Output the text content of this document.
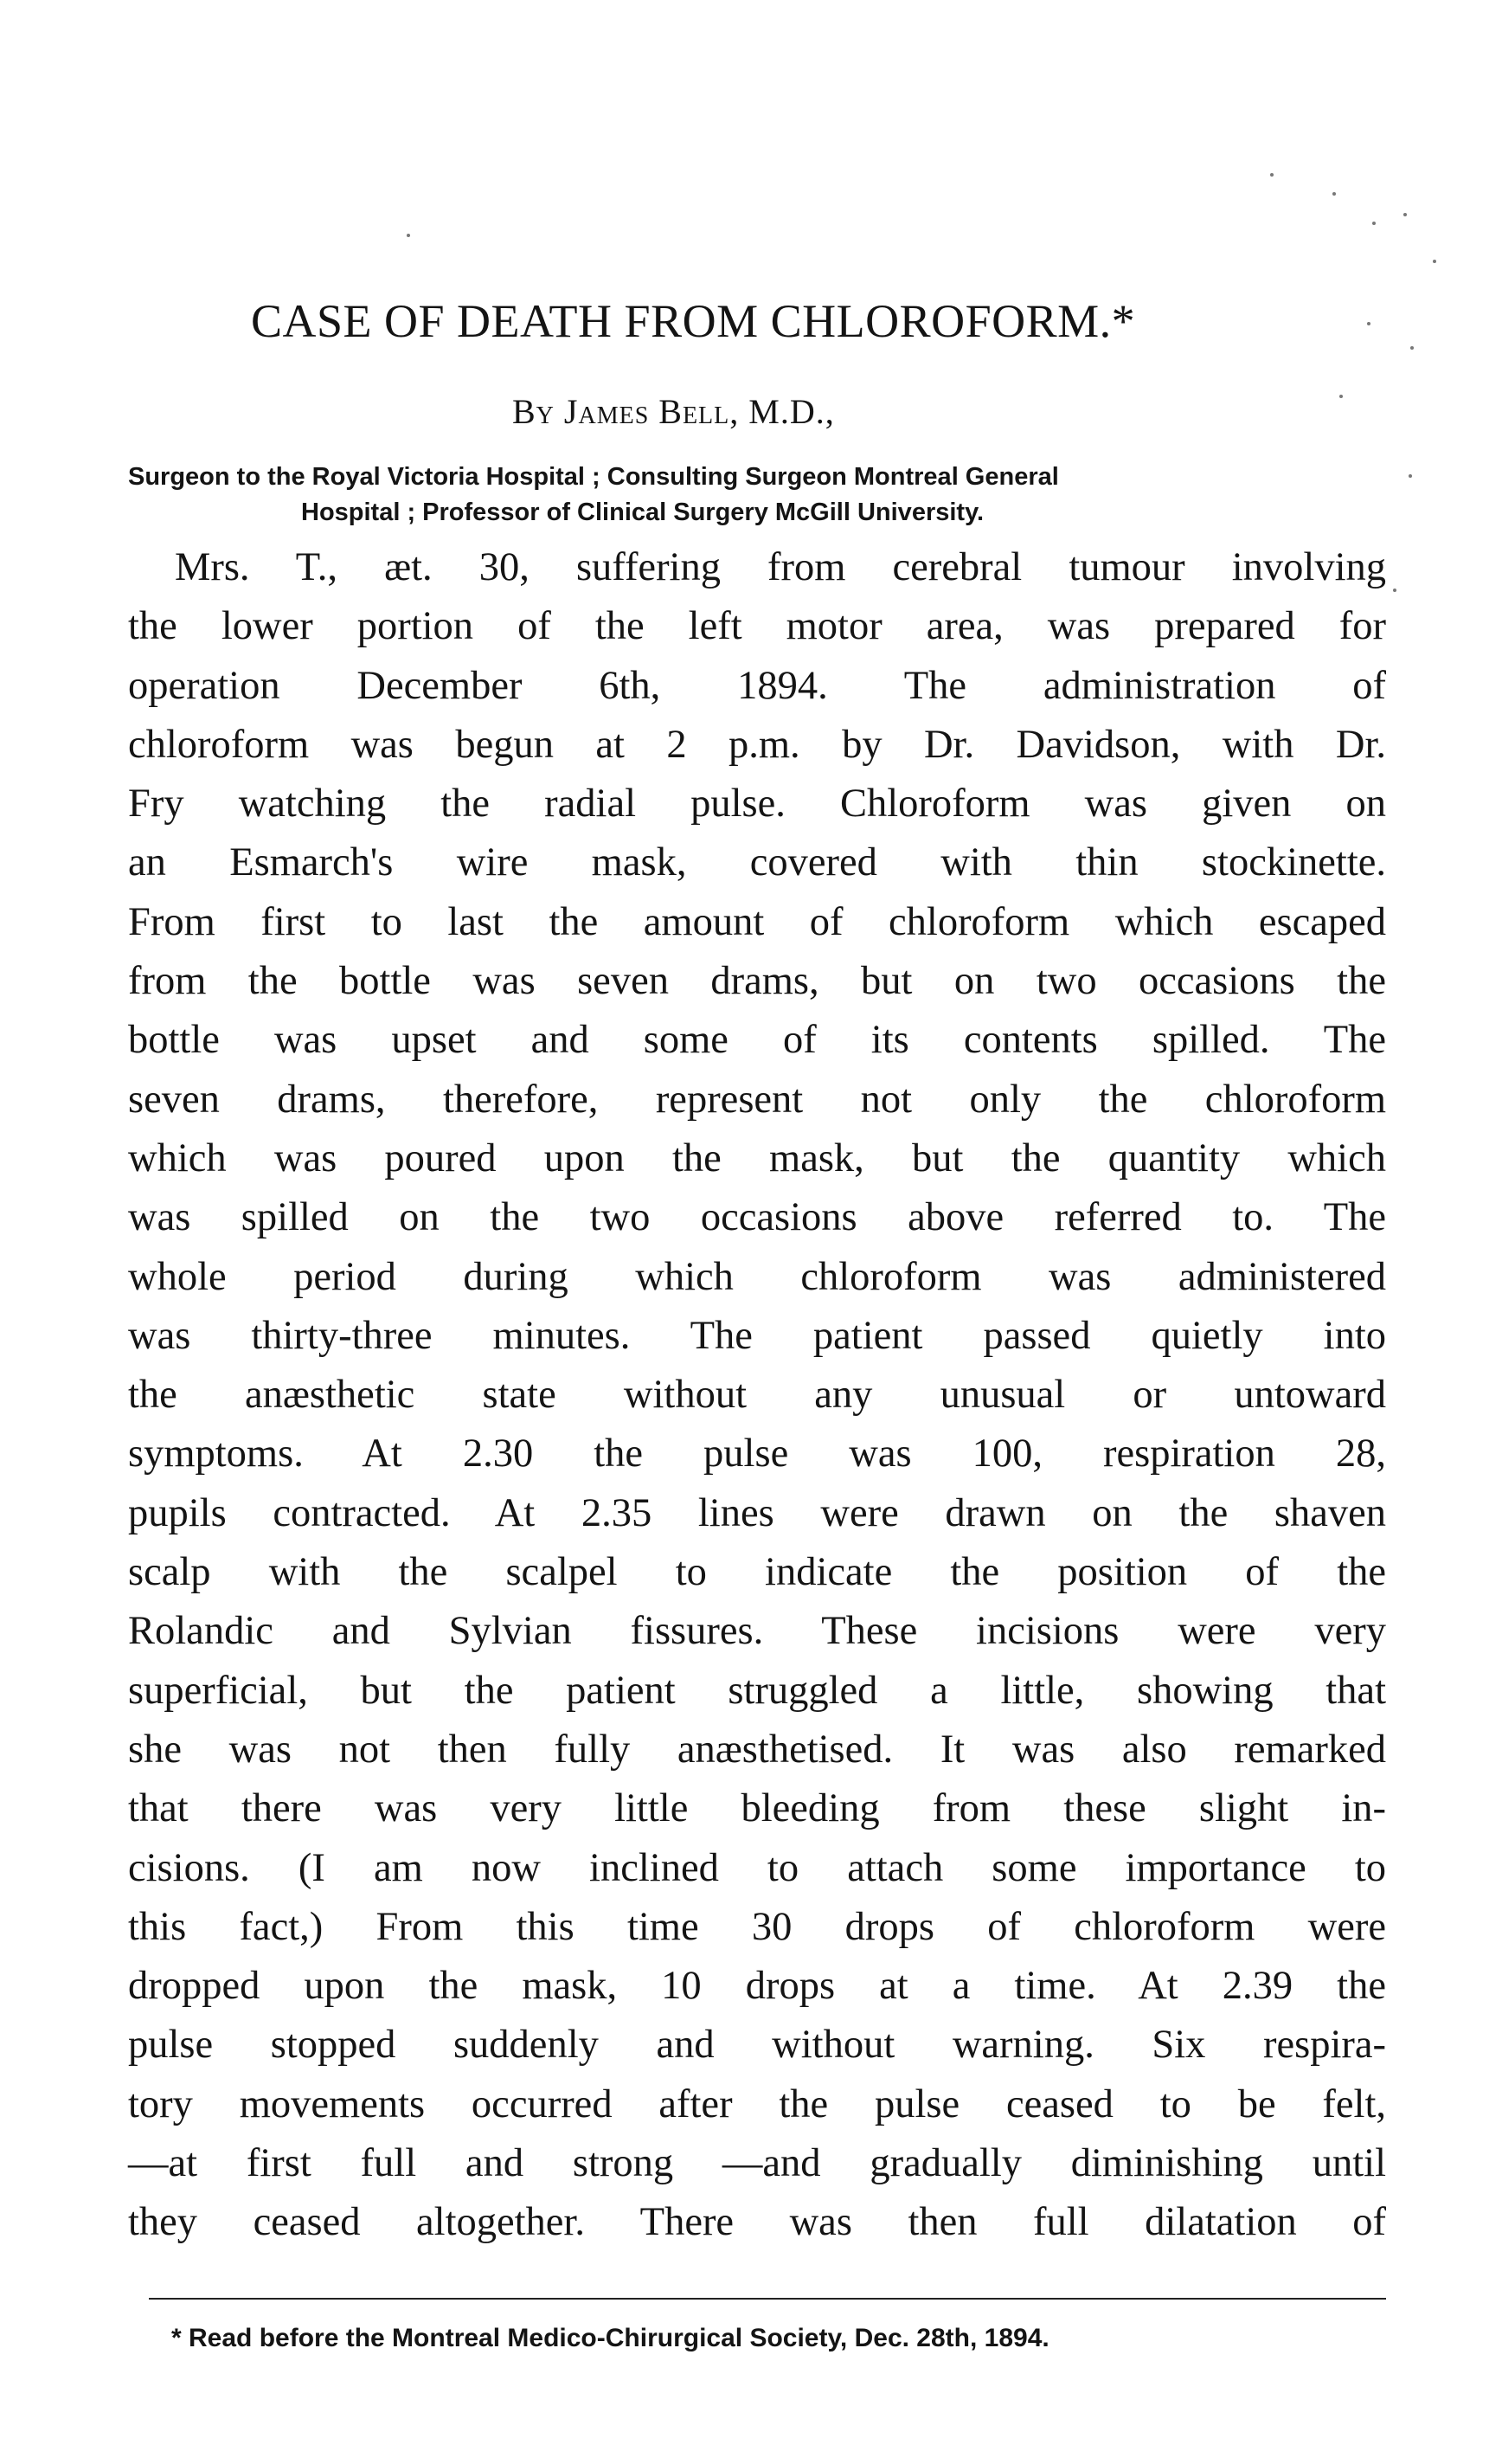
CASE OF DEATH FROM CHLOROFORM.*
By James Bell, M.D.,
Surgeon to the Royal Victoria Hospital ; Consulting Surgeon Montreal General
Hospital ; Professor of Clinical Surgery McGill University.
Mrs. T., æt. 30, suffering from cerebral tumour involving
the lower portion of the left motor area, was prepared for
operation December 6th, 1894. The administration of
chloroform was begun at 2 p.m. by Dr. Davidson, with Dr.
Fry watching the radial pulse. Chloroform was given on
an Esmarch's wire mask, covered with thin stockinette.
From first to last the amount of chloroform which escaped
from the bottle was seven drams, but on two occasions the
bottle was upset and some of its contents spilled. The
seven drams, therefore, represent not only the chloroform
which was poured upon the mask, but the quantity which
was spilled on the two occasions above referred to. The
whole period during which chloroform was administered
was thirty-three minutes. The patient passed quietly into
the anæsthetic state without any unusual or untoward
symptoms. At 2.30 the pulse was 100, respiration 28,
pupils contracted. At 2.35 lines were drawn on the shaven
scalp with the scalpel to indicate the position of the
Rolandic and Sylvian fissures. These incisions were very
superficial, but the patient struggled a little, showing that
she was not then fully anæsthetised. It was also remarked
that there was very little bleeding from these slight in-
cisions. (I am now inclined to attach some importance to
this fact,) From this time 30 drops of chloroform were
dropped upon the mask, 10 drops at a time. At 2.39 the
pulse stopped suddenly and without warning. Six respira-
tory movements occurred after the pulse ceased to be felt,
—at first full and strong —and gradually diminishing until
they ceased altogether. There was then full dilatation of
* Read before the Montreal Medico-Chirurgical Society, Dec. 28th, 1894.
